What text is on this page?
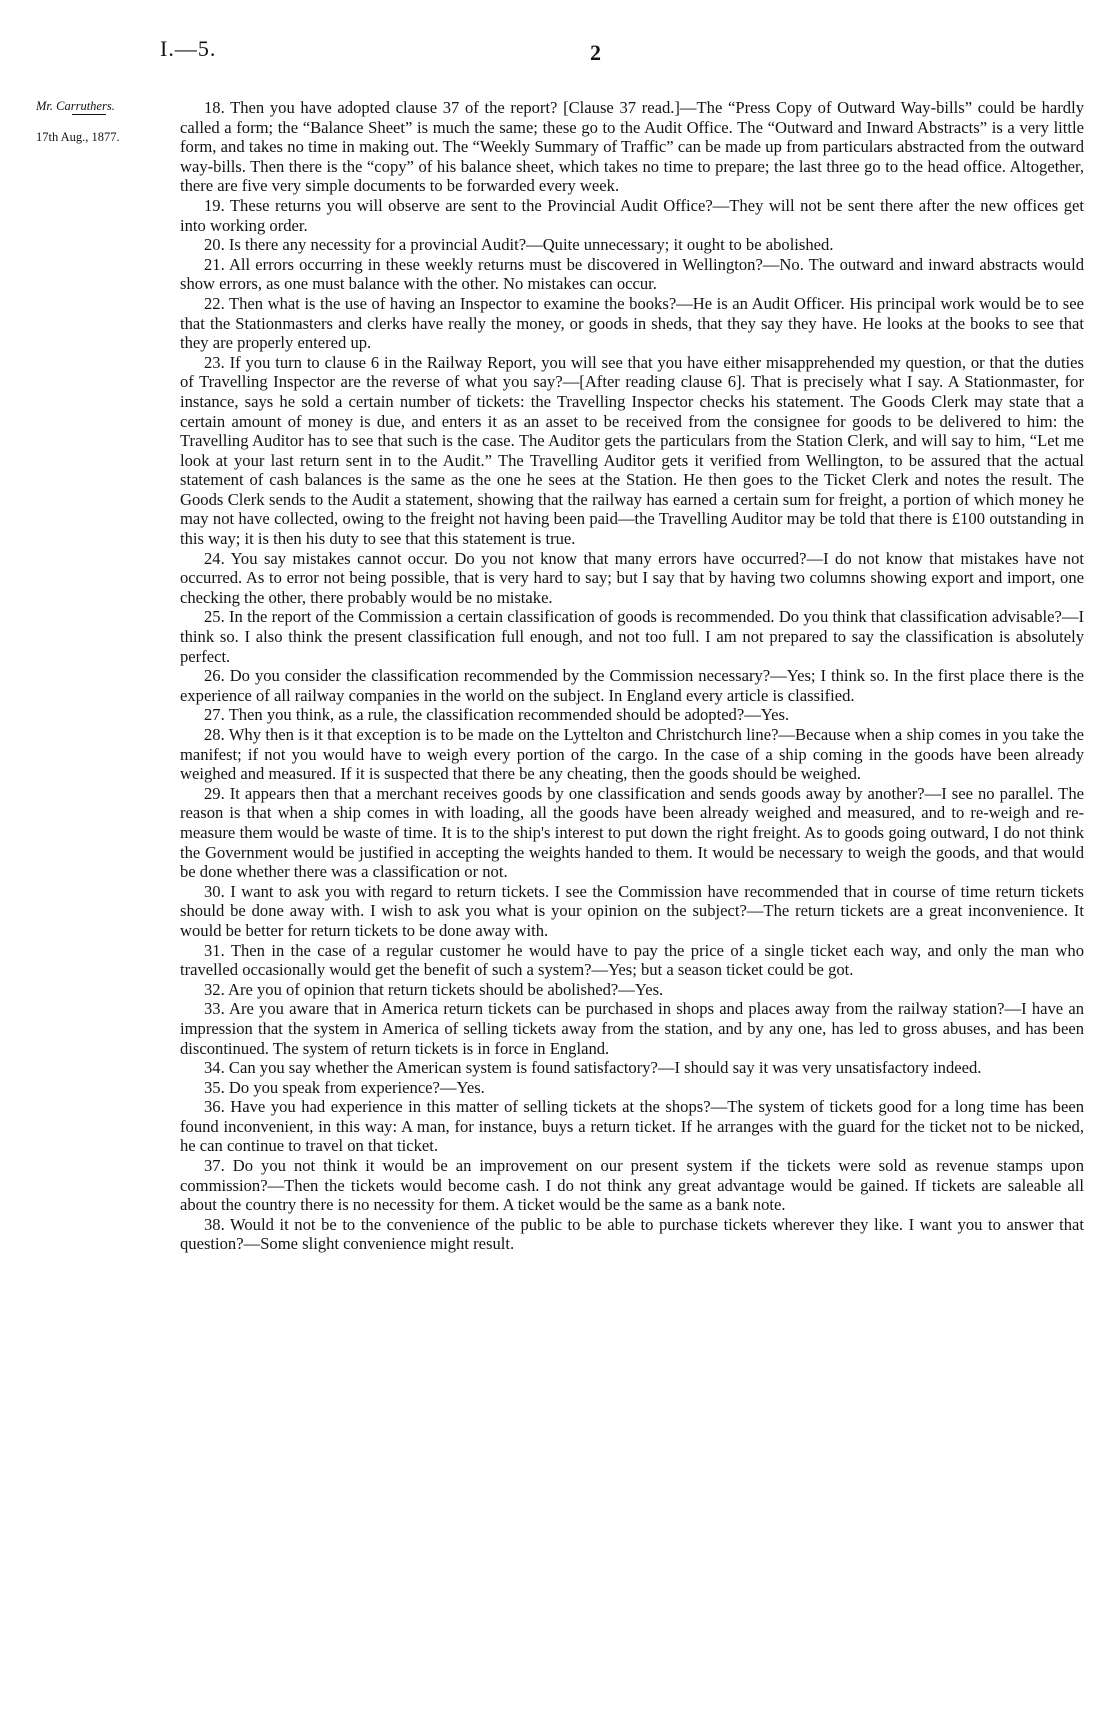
I.—5.	2
Mr. Carruthers.
17th Aug., 1877.

18. Then you have adopted clause 37 of the report? [Clause 37 read.]—The “Press Copy of Outward Way-bills” could be hardly called a form; the “Balance Sheet” is much the same; these go to the Audit Office. The “Outward and Inward Abstracts” is a very little form, and takes no time in making out. The “Weekly Summary of Traffic” can be made up from particulars abstracted from the outward way-bills. Then there is the “copy” of his balance sheet, which takes no time to prepare; the last three go to the head office. Altogether, there are five very simple documents to be forwarded every week.

19. These returns you will observe are sent to the Provincial Audit Office?—They will not be sent there after the new offices get into working order.

20. Is there any necessity for a provincial Audit?—Quite unnecessary; it ought to be abolished.

21. All errors occurring in these weekly returns must be discovered in Wellington?—No. The outward and inward abstracts would show errors, as one must balance with the other. No mistakes can occur.

22. Then what is the use of having an Inspector to examine the books?—He is an Audit Officer. His principal work would be to see that the Stationmasters and clerks have really the money, or goods in sheds, that they say they have. He looks at the books to see that they are properly entered up.

23. If you turn to clause 6 in the Railway Report, you will see that you have either misapprehended my question, or that the duties of Travelling Inspector are the reverse of what you say?—[After reading clause 6]. That is precisely what I say. A Stationmaster, for instance, says he sold a certain number of tickets: the Travelling Inspector checks his statement. The Goods Clerk may state that a certain amount of money is due, and enters it as an asset to be received from the consignee for goods to be delivered to him: the Travelling Auditor has to see that such is the case. The Auditor gets the particulars from the Station Clerk, and will say to him, “Let me look at your last return sent in to the Audit.” The Travelling Auditor gets it verified from Wellington, to be assured that the actual statement of cash balances is the same as the one he sees at the Station. He then goes to the Ticket Clerk and notes the result. The Goods Clerk sends to the Audit a statement, showing that the railway has earned a certain sum for freight, a portion of which money he may not have collected, owing to the freight not having been paid—the Travelling Auditor may be told that there is £100 outstanding in this way; it is then his duty to see that this statement is true.

24. You say mistakes cannot occur. Do you not know that many errors have occurred?—I do not know that mistakes have not occurred. As to error not being possible, that is very hard to say; but I say that by having two columns showing export and import, one checking the other, there probably would be no mistake.

25. In the report of the Commission a certain classification of goods is recommended. Do you think that classification advisable?—I think so. I also think the present classification full enough, and not too full. I am not prepared to say the classification is absolutely perfect.

26. Do you consider the classification recommended by the Commission necessary?—Yes; I think so. In the first place there is the experience of all railway companies in the world on the subject. In England every article is classified.

27. Then you think, as a rule, the classification recommended should be adopted?—Yes.

28. Why then is it that exception is to be made on the Lyttelton and Christchurch line?—Because when a ship comes in you take the manifest; if not you would have to weigh every portion of the cargo. In the case of a ship coming in the goods have been already weighed and measured. If it is suspected that there be any cheating, then the goods should be weighed.

29. It appears then that a merchant receives goods by one classification and sends goods away by another?—I see no parallel. The reason is that when a ship comes in with loading, all the goods have been already weighed and measured, and to re-weigh and re-measure them would be waste of time. It is to the ship's interest to put down the right freight. As to goods going outward, I do not think the Government would be justified in accepting the weights handed to them. It would be necessary to weigh the goods, and that would be done whether there was a classification or not.

30. I want to ask you with regard to return tickets. I see the Commission have recommended that in course of time return tickets should be done away with. I wish to ask you what is your opinion on the subject?—The return tickets are a great inconvenience. It would be better for return tickets to be done away with.

31. Then in the case of a regular customer he would have to pay the price of a single ticket each way, and only the man who travelled occasionally would get the benefit of such a system?—Yes; but a season ticket could be got.

32. Are you of opinion that return tickets should be abolished?—Yes.

33. Are you aware that in America return tickets can be purchased in shops and places away from the railway station?—I have an impression that the system in America of selling tickets away from the station, and by any one, has led to gross abuses, and has been discontinued. The system of return tickets is in force in England.

34. Can you say whether the American system is found satisfactory?—I should say it was very unsatisfactory indeed.

35. Do you speak from experience?—Yes.

36. Have you had experience in this matter of selling tickets at the shops?—The system of tickets good for a long time has been found inconvenient, in this way: A man, for instance, buys a return ticket. If he arranges with the guard for the ticket not to be nicked, he can continue to travel on that ticket.

37. Do you not think it would be an improvement on our present system if the tickets were sold as revenue stamps upon commission?—Then the tickets would become cash. I do not think any great advantage would be gained. If tickets are saleable all about the country there is no necessity for them. A ticket would be the same as a bank note.

38. Would it not be to the convenience of the public to be able to purchase tickets wherever they like. I want you to answer that question?—Some slight convenience might result.
